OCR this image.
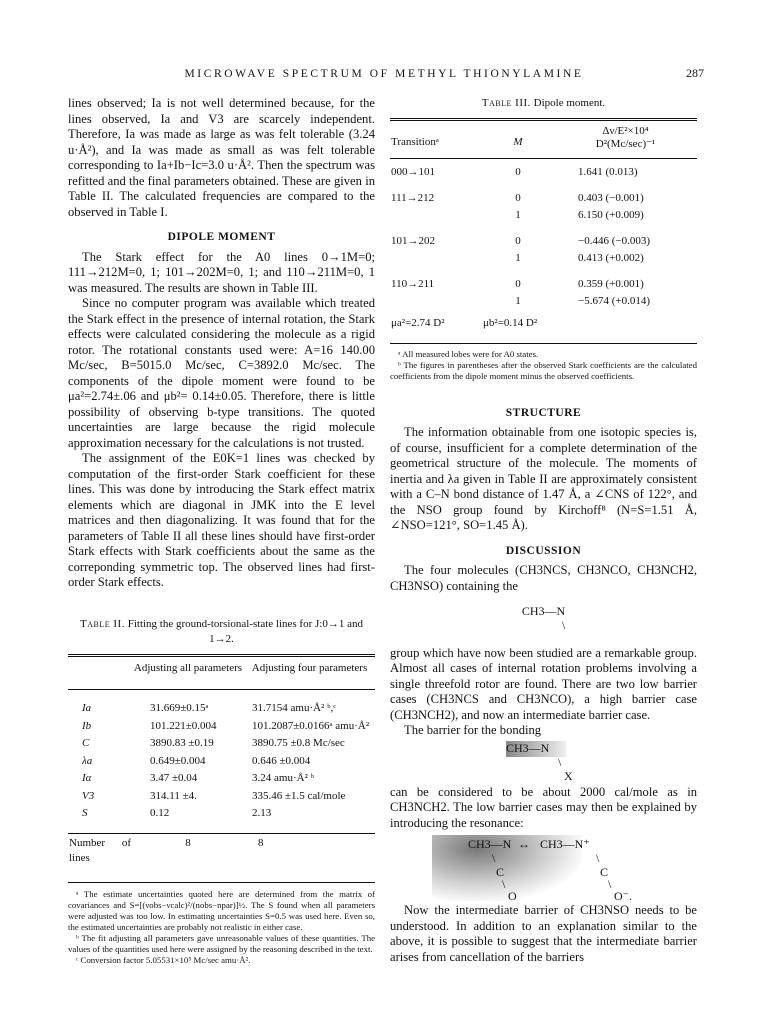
MICROWAVE SPECTRUM OF METHYL THIONYLAMINE	287

lines observed; Ia is not well determined because, for the lines observed, Ia and V3 are scarcely independent. Therefore, Ia was made as large as was felt tolerable (3.24 u·Å²), and Ia was made as small as was felt tolerable corresponding to Ia+Ib−Ic=3.0 u·Å². Then the spectrum was refitted and the final parameters obtained. These are given in Table II. The calculated frequencies are compared to the observed in Table I.

DIPOLE MOMENT

The Stark effect for the A0 lines 0→1M=0; 111→212M=0, 1; 101→202M=0, 1; and 110→211M=0, 1 was measured. The results are shown in Table III.

Since no computer program was available which treated the Stark effect in the presence of internal rotation, the Stark effects were calculated considering the molecule as a rigid rotor. The rotational constants used were: A=16 140.00 Mc/sec, B=5015.0 Mc/sec, C=3892.0 Mc/sec. The components of the dipole moment were found to be μa²=2.74±.06 and μb²= 0.14±0.05. Therefore, there is little possibility of observing b-type transitions. The quoted uncertainties are large because the rigid molecule approximation necessary for the calculations is not trusted.

The assignment of the E0K=1 lines was checked by computation of the first-order Stark coefficient for these lines. This was done by introducing the Stark effect matrix elements which are diagonal in JMK into the E level matrices and then diagonalizing. It was found that for the parameters of Table II all these lines should have first-order Stark effects with Stark coefficients about the same as the correponding symmetric top. The observed lines had first-order Stark effects.

Table II. Fitting the ground-torsional-state lines for J:0→1 and 1→2.
	Adjusting all parameters	Adjusting four parameters

Ia	31.669±0.15ᵃ	31.7154 amu·Å² ᵇ,ᶜ
Ib	101.221±0.004	101.2087±0.0166ᵃ amu·Å²
C	3890.83 ±0.19	3890.75 ±0.8 Mc/sec
λa	0.649±0.004	0.646 ±0.004
Iα	3.47 ±0.04	3.24 amu·Å² ᵇ
V3	314.11 ±4.	335.46 ±1.5 cal/mole
S	0.12	2.13

Number of lines	8	8

ᵃ The estimate uncertainties quoted here are determined from the matrix of covariances and S=[(νobs−νcalc)²/(nobs−npar)]½. The S found when all parameters were adjusted was too low. In estimating uncertainties S=0.5 was used here. Even so, the estimated uncertainties are probably not realistic in either case.

ᵇ The fit adjusting all parameters gave unreasonable values of these quantities. The values of the quantities used here were assigned by the reasoning described in the text.

ᶜ Conversion factor 5.05531×10⁵ Mc/sec amu·Å².

Table III. Dipole moment.
Transitionᵃ	M	Δν/E²×10⁴
D²(Mc/sec)⁻¹

000→101	0	1.641 (0.013)
111→212	0	0.403 (−0.001)
	1	6.150 (+0.009)
101→202	0	−0.446 (−0.003)
	1	0.413 (+0.002)
110→211	0	0.359 (+0.001)
	1	−5.674 (+0.014)
μa²=2.74 D²	μb²=0.14 D²	

ᵃ All measured lobes were for A0 states.

ᵇ The figures in parentheses after the observed Stark coefficients are the calculated coefficients from the dipole moment minus the observed coefficients.

STRUCTURE

The information obtainable from one isotopic species is, of course, insufficient for a complete determination of the geometrical structure of the molecule. The moments of inertia and λa given in Table II are approximately consistent with a C–N bond distance of 1.47 Å, a ∠CNS of 122°, and the NSO group found by Kirchoff⁸ (N=S=1.51 Å, ∠NSO=121°, SO=1.45 Å).

DISCUSSION

The four molecules (CH3NCS, CH3NCO, CH3NCH2, CH3NSO) containing the

CH3—N
\

group which have now been studied are a remarkable group. Almost all cases of internal rotation problems involving a single threefold rotor are found. There are two low barrier cases (CH3NCS and CH3NCO), a high barrier case (CH3NCH2), and now an intermediate barrier case.

The barrier for the bonding

CH3—N
\
X

can be considered to be about 2000 cal/mole as in CH3NCH2. The low barrier cases may then be explained by introducing the resonance:

CH3—N ↔ CH3—N⁺
\	\
C	C
\	\
O	O⁻.

Now the intermediate barrier of CH3NSO needs to be understood. In addition to an explanation similar to the above, it is possible to suggest that the intermediate barrier arises from cancellation of the barriers
